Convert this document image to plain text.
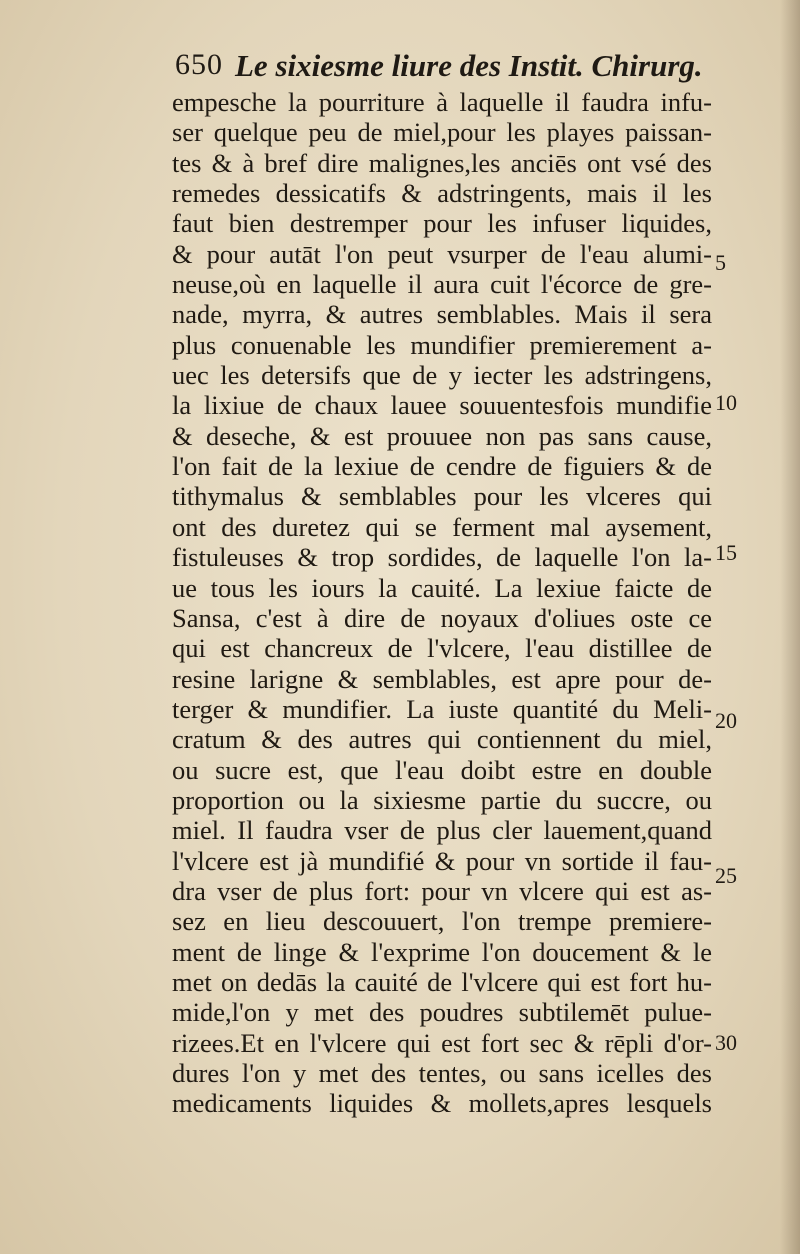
650 Le sixiesme liure des Instit. Chirurg.
empesche la pourriture à laquelle il faudra infu-
ser quelque peu de miel,pour les playes paissan-
tes & à bref dire malignes,les anciēs ont vsé des
remedes dessicatifs & adstringents, mais il les
faut bien destremper pour les infuser liquides,
& pour autāt l'on peut vsurper de l'eau alumi-
neuse,où en laquelle il aura cuit l'écorce de gre-
nade, myrra, & autres semblables. Mais il sera
plus conuenable les mundifier premierement a-
uec les detersifs que de y iecter les adstringens,
la lixiue de chaux lauee souuentesfois mundifie
& deseche, & est prouuee non pas sans cause,
l'on fait de la lexiue de cendre de figuiers & de
tithymalus & semblables pour les vlceres qui
ont des duretez qui se ferment mal aysement,
fistuleuses & trop sordides, de laquelle l'on la-
ue tous les iours la cauité. La lexiue faicte de
Sansa, c'est à dire de noyaux d'oliues oste ce
qui est chancreux de l'vlcere, l'eau distillee de
resine larigne & semblables, est apre pour de-
terger & mundifier. La iuste quantité du Meli-
cratum & des autres qui contiennent du miel,
ou sucre est, que l'eau doibt estre en double
proportion ou la sixiesme partie du succre, ou
miel. Il faudra vser de plus cler lauement,quand
l'vlcere est jà mundifié & pour vn sortide il fau-
dra vser de plus fort: pour vn vlcere qui est as-
sez en lieu descouuert, l'on trempe premiere-
ment de linge & l'exprime l'on doucement & le
met on dedās la cauité de l'vlcere qui est fort hu-
mide,l'on y met des poudres subtilemēt pulue-
rizees.Et en l'vlcere qui est fort sec & rēpli d'or-
dures l'on y met des tentes, ou sans icelles des
medicaments liquides & mollets,apres lesquels
5
10
15
20
25
30
